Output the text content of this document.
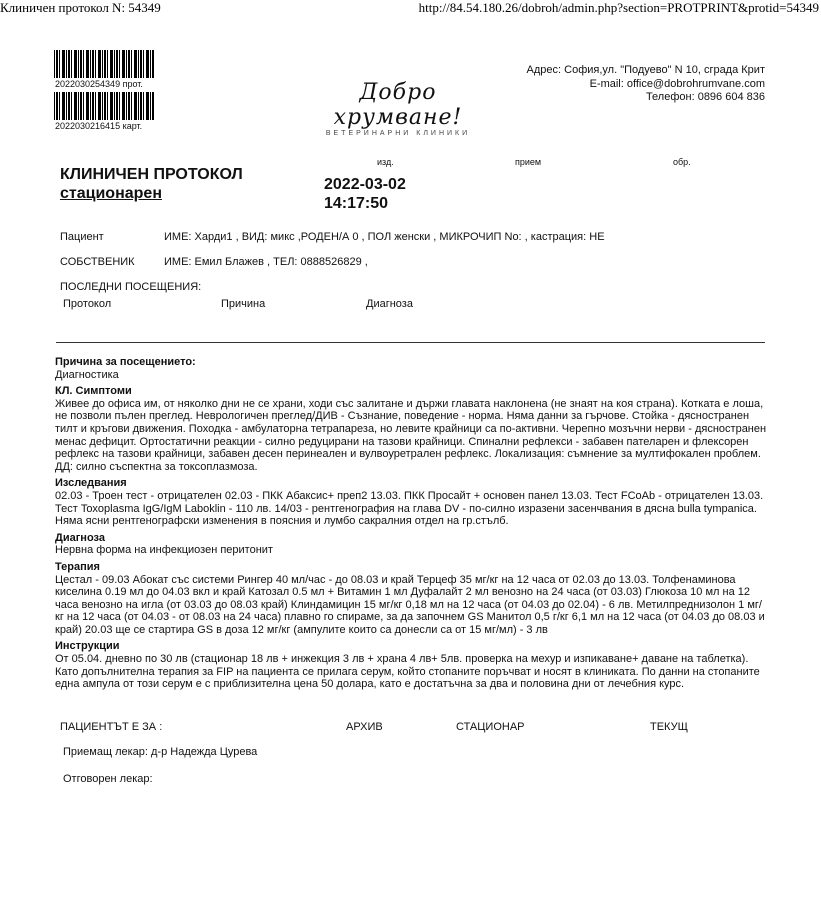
Клиничен протокол N: 54349	http://84.54.180.26/dobroh/admin.php?section=PROTPRINT&protid=54349
2022030254349 прот.
2022030216415 карт.
Добро хрумване!
ВЕТЕРИНАРНИ КЛИНИКИ
Адрес: София,ул. "Подуево" N 10, сграда Крит
E-mail: office@dobrohrumvane.com
Телефон: 0896 604 836
КЛИНИЧЕН ПРОТОКОЛ
стационарен
изд.	прием	обр.
2022-03-02
14:17:50
Пациент	ИМЕ: Харди1 , ВИД: микс ,РОДЕН/А 0 , ПОЛ женски , МИКРОЧИП No: , кастрация: НЕ
СОБСТВЕНИК	ИМЕ: Емил Блажев , ТЕЛ: 0888526829 ,
ПОСЛЕДНИ ПОСЕЩЕНИЯ:
Протокол	Причина	Диагноза

Причина за посещението:

Диагностика

КЛ. Симптоми

Живее до офиса им, от няколко дни не се храни, ходи със залитане и държи главата наклонена (не знаят на коя страна). Котката е лоша, не позволи пълен преглед. Неврологичен преглед/ДИВ - Съзнание, поведение - норма. Няма данни за гърчове. Стойка - дясностранен тилт и кръгови движения. Походка - амбулаторна тетрапареза, но левите крайници са по-активни. Черепно мозъчни нерви - дясностранен менас дефицит. Ортостатични реакции - силно редуцирани на тазови крайници. Спинални рефлекси - забавен пателарен и флексорен рефлекс на тазови крайници, забавен десен перинеален и вулвоуретрален рефлекс. Локализация: съмнение за мултифокален проблем. ДД: силно съспектна за токсоплазмоза.

Изследвания

02.03 - Троен тест - отрицателен 02.03 - ПКК Абаксис+ преп2 13.03. ПКК Просайт + основен панел 13.03. Тест FCoAb - отрицателен 13.03. Тест Toxoplasma IgG/IgM Laboklin - 110 лв. 14/03 - рентгенография на глава DV - по-силно изразени засенчвания в дясна bulla tympanica. Няма ясни рентгенографски изменения в поясния и лумбо сакралния отдел на гр.стълб.

Диагноза

Нервна форма на инфекциозен перитонит

Терапия

Цестал - 09.03 Абокат със системи Рингер 40 мл/час - до 08.03 и край Терцеф 35 мг/кг на 12 часа от 02.03 до 13.03. Толфенаминова киселина 0.19 мл до 04.03 вкл и край Катозал 0.5 мл + Витамин 1 мл Дуфалайт 2 мл венозно на 24 часа (от 03.03) Глюкоза 10 мл на 12 часа венозно на игла (от 03.03 до 08.03 край) Клиндамицин 15 мг/кг 0,18 мл на 12 часа (от 04.03 до 02.04) - 6 лв. Метилпреднизолон 1 мг/кг на 12 часа (от 04.03 - от 08.03 на 24 часа) плавно го спираме, за да започнем GS Манитол 0,5 г/кг 6,1 мл на 12 часа (от 04.03 до 08.03 и край) 20.03 ще се стартира GS в доза 12 мг/кг (ампулите които са донесли са от 15 мг/мл) - 3 лв

Инструкции

От 05.04. дневно по 30 лв (стационар 18 лв + инжекция 3 лв + храна 4 лв+ 5лв. проверка на мехур и изпикаване+ даване на таблетка). Като допълнителна терапия за FIP на пациента се прилага серум, който стопаните поръчват и носят в клиниката. По данни на стопаните една ампула от този серум е с приблизителна цена 50 долара, като е достатъчна за два и половина дни от лечебния курс.

ПАЦИЕНТЪТ Е ЗА :	АРХИВ	СТАЦИОНАР	ТЕКУЩ
Приемащ лекар: д-р Надежда Цурева
Отговорен лекар:
